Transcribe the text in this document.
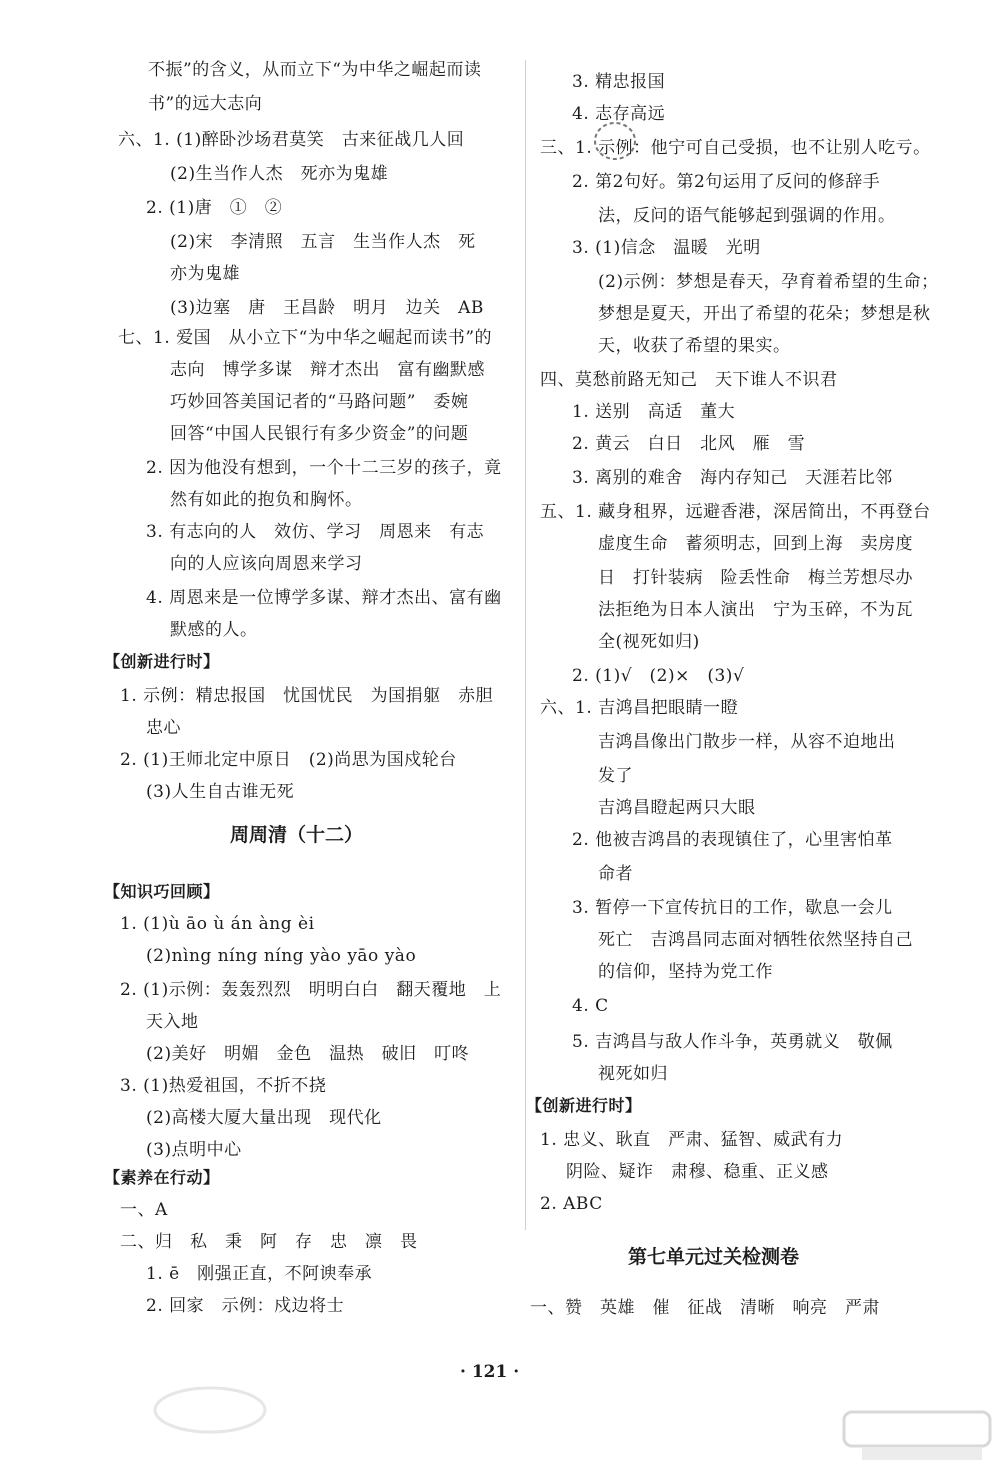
不振”的含义，从而立下“为中华之崛起而读
书”的远大志向
六、1. (1)醉卧沙场君莫笑　古来征战几人回
(2)生当作人杰　死亦为鬼雄
2. (1)唐　①　②
(2)宋　李清照　五言　生当作人杰　死
亦为鬼雄
(3)边塞　唐　王昌龄　明月　边关　AB
七、1. 爱国　从小立下“为中华之崛起而读书”的
志向　博学多谋　辩才杰出　富有幽默感
巧妙回答美国记者的“马路问题”　委婉
回答“中国人民银行有多少资金”的问题
2. 因为他没有想到，一个十二三岁的孩子，竟
然有如此的抱负和胸怀。
3. 有志向的人　效仿、学习　周恩来　有志
向的人应该向周恩来学习
4. 周恩来是一位博学多谋、辩才杰出、富有幽
默感的人。
【创新进行时】
1. 示例：精忠报国　忧国忧民　为国捐躯　赤胆
忠心
2. (1)王师北定中原日　(2)尚思为国戍轮台
(3)人生自古谁无死
【知识巧回顾】
1. (1)ù āo ù án àng èi
(2)nìng níng níng yào yāo yào
2. (1)示例：轰轰烈烈　明明白白　翻天覆地　上
天入地
(2)美好　明媚　金色　温热　破旧　叮咚
3. (1)热爱祖国，不折不挠
(2)高楼大厦大量出现　现代化
(3)点明中心
【素养在行动】
一、A
二、归　私　秉　阿　存　忠　凛　畏
1. ē　刚强正直，不阿谀奉承
2. 回家　示例：戍边将士
3. 精忠报国
4. 志存高远
三、1. 示例：他宁可自己受损，也不让别人吃亏。
2. 第2句好。第2句运用了反问的修辞手
法，反问的语气能够起到强调的作用。
3. (1)信念　温暖　光明
(2)示例：梦想是春天，孕育着希望的生命；
梦想是夏天，开出了希望的花朵；梦想是秋
天，收获了希望的果实。
四、莫愁前路无知己　天下谁人不识君
1. 送别　高适　董大
2. 黄云　白日　北风　雁　雪
3. 离别的难舍　海内存知己　天涯若比邻
五、1. 藏身租界，远避香港，深居简出，不再登台
虚度生命　蓄须明志，回到上海　卖房度
日　打针装病　险丢性命　梅兰芳想尽办
法拒绝为日本人演出　宁为玉碎，不为瓦
全(视死如归)
2. (1)√　(2)×　(3)√
六、1. 吉鸿昌把眼睛一瞪
吉鸿昌像出门散步一样，从容不迫地出
发了
吉鸿昌瞪起两只大眼
2. 他被吉鸿昌的表现镇住了，心里害怕革
命者
3. 暂停一下宣传抗日的工作，歇息一会儿
死亡　吉鸿昌同志面对牺牲依然坚持自己
的信仰，坚持为党工作
4. C
5. 吉鸿昌与敌人作斗争，英勇就义　敬佩
视死如归
【创新进行时】
1. 忠义、耿直　严肃、猛智、威武有力
阴险、疑诈　肃穆、稳重、正义感
2. ABC
一、赞　英雄　催　征战　清晰　响亮　严肃
周周清（十二）
第七单元过关检测卷
· 121 ·
